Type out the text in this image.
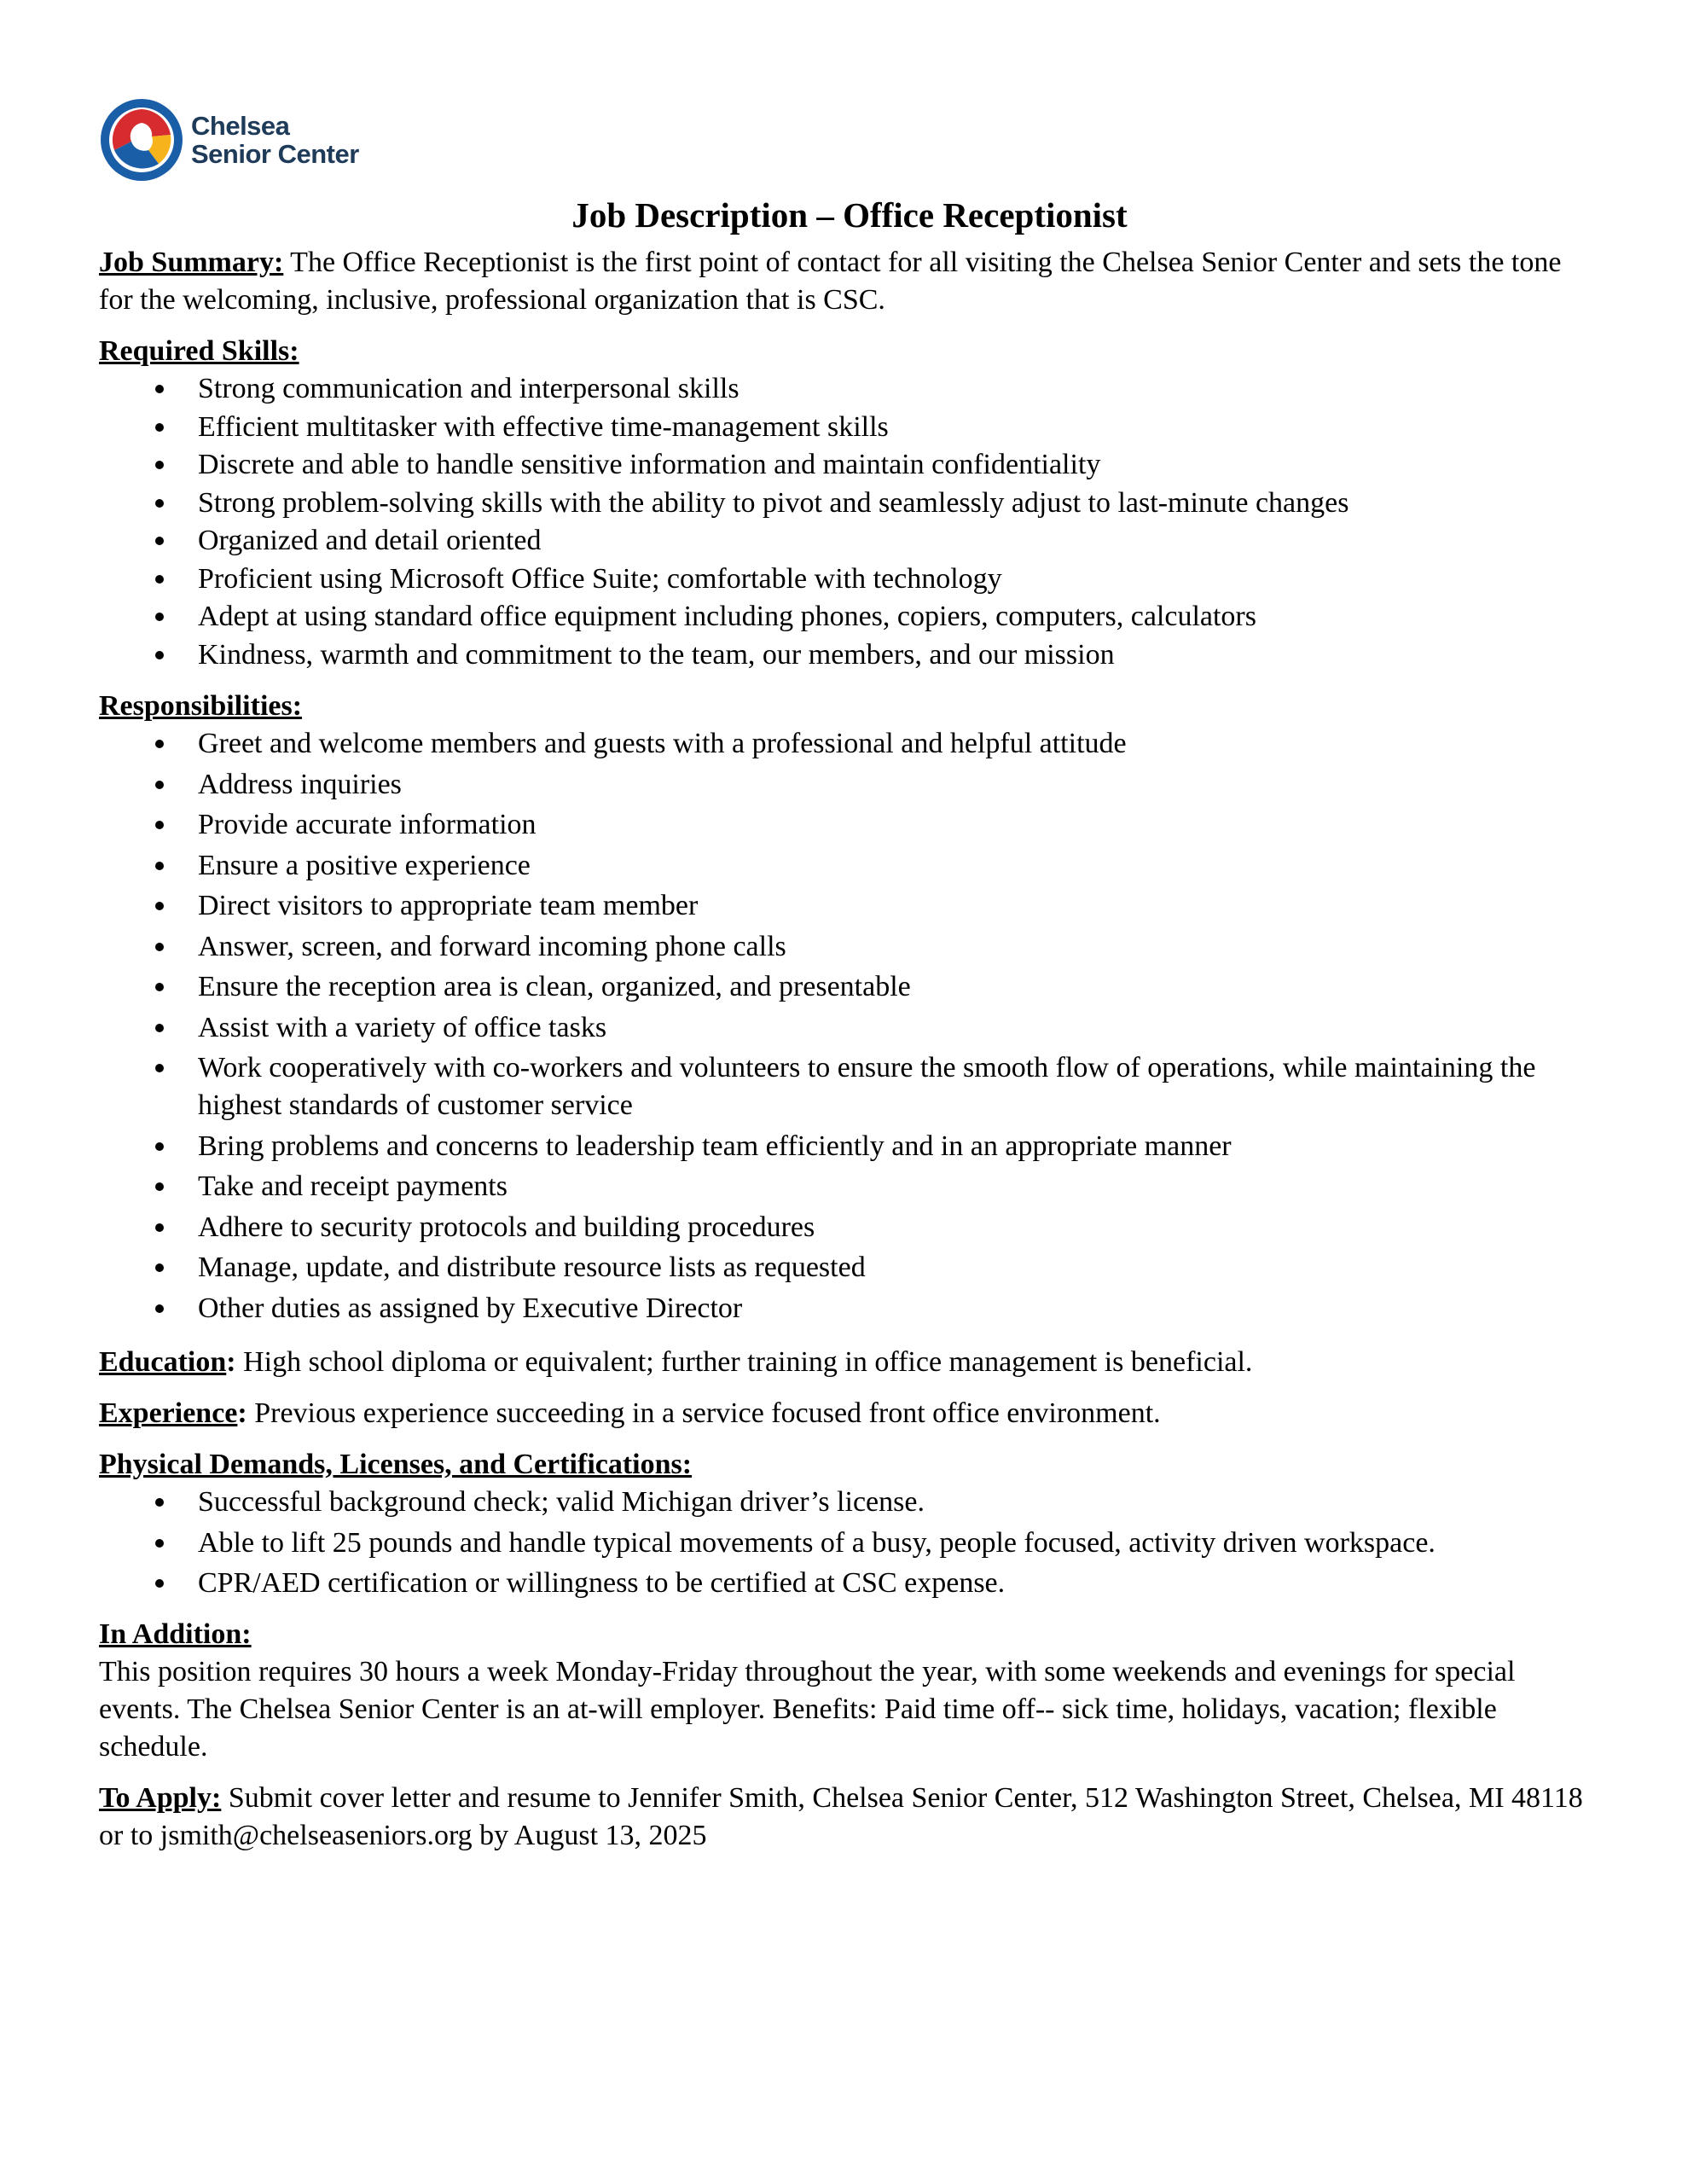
Chelsea
Senior Center
Job Description – Office Receptionist

Job Summary: The Office Receptionist is the first point of contact for all visiting the Chelsea Senior Center and sets the tone for the welcoming, inclusive, professional organization that is CSC.

Required Skills:
Strong communication and interpersonal skills
Efficient multitasker with effective time-management skills
Discrete and able to handle sensitive information and maintain confidentiality
Strong problem-solving skills with the ability to pivot and seamlessly adjust to last-minute changes
Organized and detail oriented
Proficient using Microsoft Office Suite; comfortable with technology
Adept at using standard office equipment including phones, copiers, computers, calculators
Kindness, warmth and commitment to the team, our members, and our mission
Responsibilities:
Greet and welcome members and guests with a professional and helpful attitude
Address inquiries
Provide accurate information
Ensure a positive experience
Direct visitors to appropriate team member
Answer, screen, and forward incoming phone calls
Ensure the reception area is clean, organized, and presentable
Assist with a variety of office tasks
Work cooperatively with co-workers and volunteers to ensure the smooth flow of operations, while maintaining the highest standards of customer service
Bring problems and concerns to leadership team efficiently and in an appropriate manner
Take and receipt payments
Adhere to security protocols and building procedures
Manage, update, and distribute resource lists as requested
Other duties as assigned by Executive Director

Education: High school diploma or equivalent; further training in office management is beneficial.

Experience: Previous experience succeeding in a service focused front office environment.

Physical Demands, Licenses, and Certifications:
Successful background check; valid Michigan driver’s license.
Able to lift 25 pounds and handle typical movements of a busy, people focused, activity driven workspace.
CPR/AED certification or willingness to be certified at CSC expense.
In Addition:

This position requires 30 hours a week Monday-Friday throughout the year, with some weekends and evenings for special events. The Chelsea Senior Center is an at-will employer. Benefits: Paid time off-- sick time, holidays, vacation; flexible schedule.

To Apply: Submit cover letter and resume to Jennifer Smith, Chelsea Senior Center, 512 Washington Street, Chelsea, MI 48118 or to jsmith@chelseaseniors.org by August 13, 2025
